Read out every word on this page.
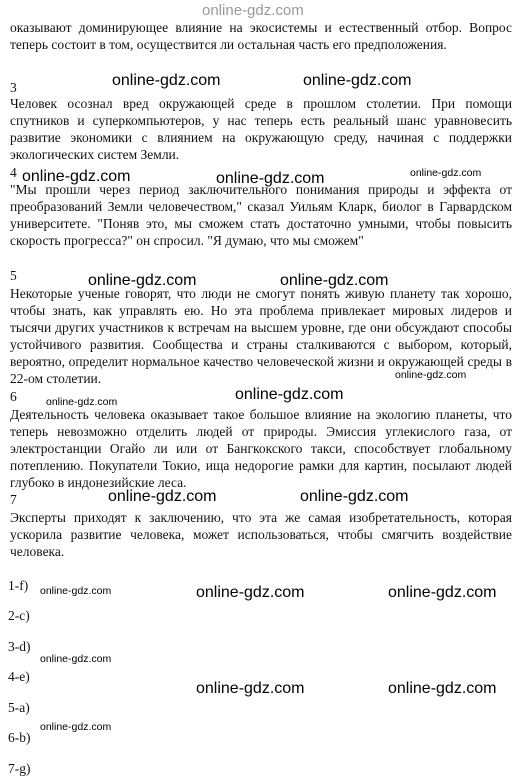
online-gdz.com

оказывают доминирующее влияние на экосистемы и естественный отбор. Вопрос теперь состоит в том, осуществится ли остальная часть его предположения.

3

Человек осознал вред окружающей среде в прошлом столетии. При помощи спутников и суперкомпьютеров, у нас теперь есть реальный шанс уравновесить развитие экономики с влиянием на окружающую среду, начиная с поддержки экологических систем Земли.

4

"Мы прошли через период заключительного понимания природы и эффекта от преобразований Земли человечеством," сказал Уильям Кларк, биолог в Гарвардском университете. "Поняв это, мы сможем стать достаточно умными, чтобы повысить скорость прогресса?" он спросил. "Я думаю, что мы сможем"

5

Некоторые ученые говорят, что люди не смогут понять живую планету так хорошо, чтобы знать, как управлять ею. Но эта проблема привлекает мировых лидеров и тысячи других участников к встречам на высшем уровне, где они обсуждают способы устойчивого развития. Сообщества и страны сталкиваются с выбором, который, вероятно, определит нормальное качество человеческой жизни и окружающей среды в 22-ом столетии.

6

Деятельность человека оказывает такое большое влияние на экологию планеты, что теперь невозможно отделить людей от природы. Эмиссия углекислого газа, от электростанции Огайо ли или от Бангкокского такси, способствует глобальному потеплению. Покупатели Токио, ища недорогие рамки для картин, посылают людей глубоко в индонезийские леса.

7

Эксперты приходят к заключению, что эта же самая изобретательность, которая ускорила развитие человека, может использоваться, чтобы смягчить воздействие человека.

1-f)
2-c)
3-d)
4-e)
5-a)
6-b)
7-g)
online-gdz.com	online-gdz.com
online-gdz.com
online-gdz.com	online-gdz.com
online-gdz.com	online-gdz.com
online-gdz.com
online-gdz.com	online-gdz.com
online-gdz.com	online-gdz.com
online-gdz.com	online-gdz.com	online-gdz.com
online-gdz.com
online-gdz.com	online-gdz.com
online-gdz.com
